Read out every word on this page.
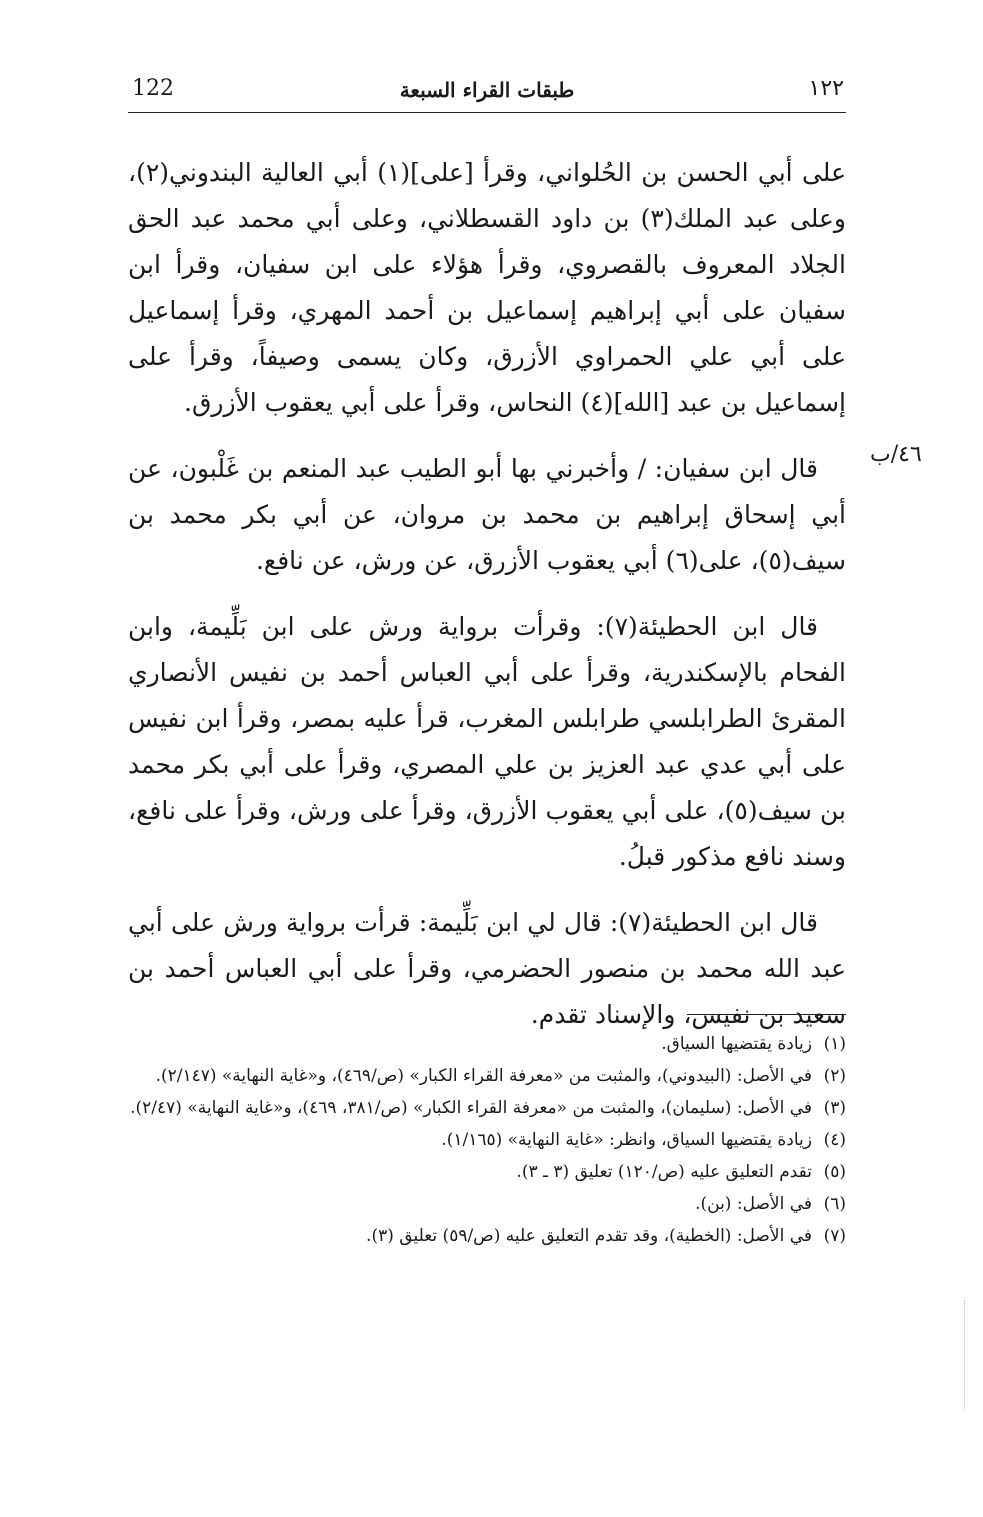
122	طبقات القراء السبعة	١٢٢
٤٦/ب

على أبي الحسن بن الحُلواني، وقرأ [على](١) أبي العالية البندوني(٢)، وعلى عبد الملك(٣) بن داود القسطلاني، وعلى أبي محمد عبد الحق الجلاد المعروف بالقصروي، وقرأ هؤلاء على ابن سفيان، وقرأ ابن سفيان على أبي إبراهيم إسماعيل بن أحمد المهري، وقرأ إسماعيل على أبي علي الحمراوي الأزرق، وكان يسمى وصيفاً، وقرأ على إسماعيل بن عبد [الله](٤) النحاس، وقرأ على أبي يعقوب الأزرق.

قال ابن سفيان: / وأخبرني بها أبو الطيب عبد المنعم بن غَلْبون، عن أبي إسحاق إبراهيم بن محمد بن مروان، عن أبي بكر محمد بن سيف(٥)، على(٦) أبي يعقوب الأزرق، عن ورش، عن نافع.

قال ابن الحطيئة(٧): وقرأت برواية ورش على ابن بَلِّيمة، وابن الفحام بالإسكندرية، وقرأ على أبي العباس أحمد بن نفيس الأنصاري المقرئ الطرابلسي طرابلس المغرب، قرأ عليه بمصر، وقرأ ابن نفيس على أبي عدي عبد العزيز بن علي المصري، وقرأ على أبي بكر محمد بن سيف(٥)، على أبي يعقوب الأزرق، وقرأ على ورش، وقرأ على نافع، وسند نافع مذكور قبلُ.

قال ابن الحطيئة(٧): قال لي ابن بَلِّيمة: قرأت برواية ورش على أبي عبد الله محمد بن منصور الحضرمي، وقرأ على أبي العباس أحمد بن سعيد بن نفيس، والإسناد تقدم.

(١)
زيادة يقتضيها السياق.
(٢)
في الأصل: (البيدوني)، والمثبت من «معرفة القراء الكبار» (ص/٤٦٩)، و«غاية النهاية» (٢/١٤٧).
(٣)
في الأصل: (سليمان)، والمثبت من «معرفة القراء الكبار» (ص/٣٨١، ٤٦٩)، و«غاية النهاية» (٢/٤٧).
(٤)
زيادة يقتضيها السياق، وانظر: «غاية النهاية» (١/١٦٥).
(٥)
تقدم التعليق عليه (ص/١٢٠) تعليق (٣ ـ ٣).
(٦)
في الأصل: (بن).
(٧)
في الأصل: (الخطية)، وقد تقدم التعليق عليه (ص/٥٩) تعليق (٣).
